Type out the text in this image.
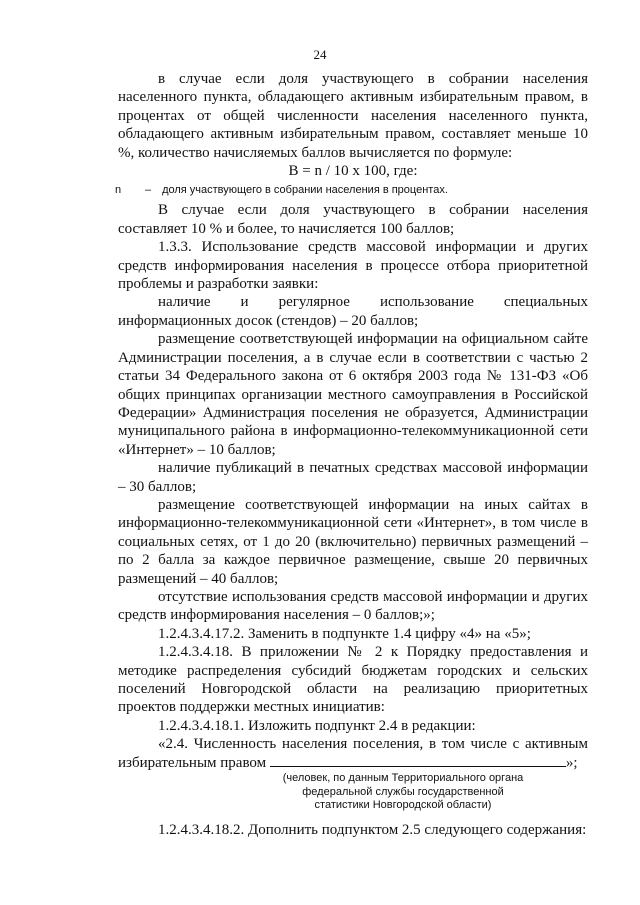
24

в случае если доля участвующего в собрании населения населенного пункта, обладающего активным избирательным правом, в процентах от общей численности населения населенного пункта, обладающего активным избирательным правом, составляет меньше 10 %, количество начисляемых баллов вычисляется по формуле:

B = n / 10 x 100, где:

n – доля участвующего в собрании населения в процентах.

В случае если доля участвующего в собрании населения составляет 10 % и более, то начисляется 100 баллов;

1.3.3. Использование средств массовой информации и других средств информирования населения в процессе отбора приоритетной проблемы и разработки заявки:

наличие и регулярное использование специальных информационных досок (стендов) – 20 баллов;

размещение соответствующей информации на официальном сайте Администрации поселения, а в случае если в соответствии с частью 2 статьи 34 Федерального закона от 6 октября 2003 года № 131-ФЗ «Об общих принципах организации местного самоуправления в Российской Федерации» Администрация поселения не образуется, Администрации муниципального района в информационно-телекоммуникационной сети «Интернет» – 10 баллов;

наличие публикаций в печатных средствах массовой информации – 30 баллов;

размещение соответствующей информации на иных сайтах в информационно-телекоммуникационной сети «Интернет», в том числе в социальных сетях, от 1 до 20 (включительно) первичных размещений – по 2 балла за каждое первичное размещение, свыше 20 первичных размещений – 40 баллов;

отсутствие использования средств массовой информации и других средств информирования населения – 0 баллов;»;

1.2.4.3.4.17.2. Заменить в подпункте 1.4 цифру «4» на «5»;

1.2.4.3.4.18. В приложении № 2 к Порядку предоставления и методике распределения субсидий бюджетам городских и сельских поселений Новгородской области на реализацию приоритетных проектов поддержки местных инициатив:

1.2.4.3.4.18.1. Изложить подпункт 2.4 в редакции:

«2.4. Численность населения поселения, в том числе с активным избирательным правом	»;

(человек, по данным Территориального органа
федеральной службы государственной
статистики Новгородской области)

1.2.4.3.4.18.2. Дополнить подпунктом 2.5 следующего содержания:
